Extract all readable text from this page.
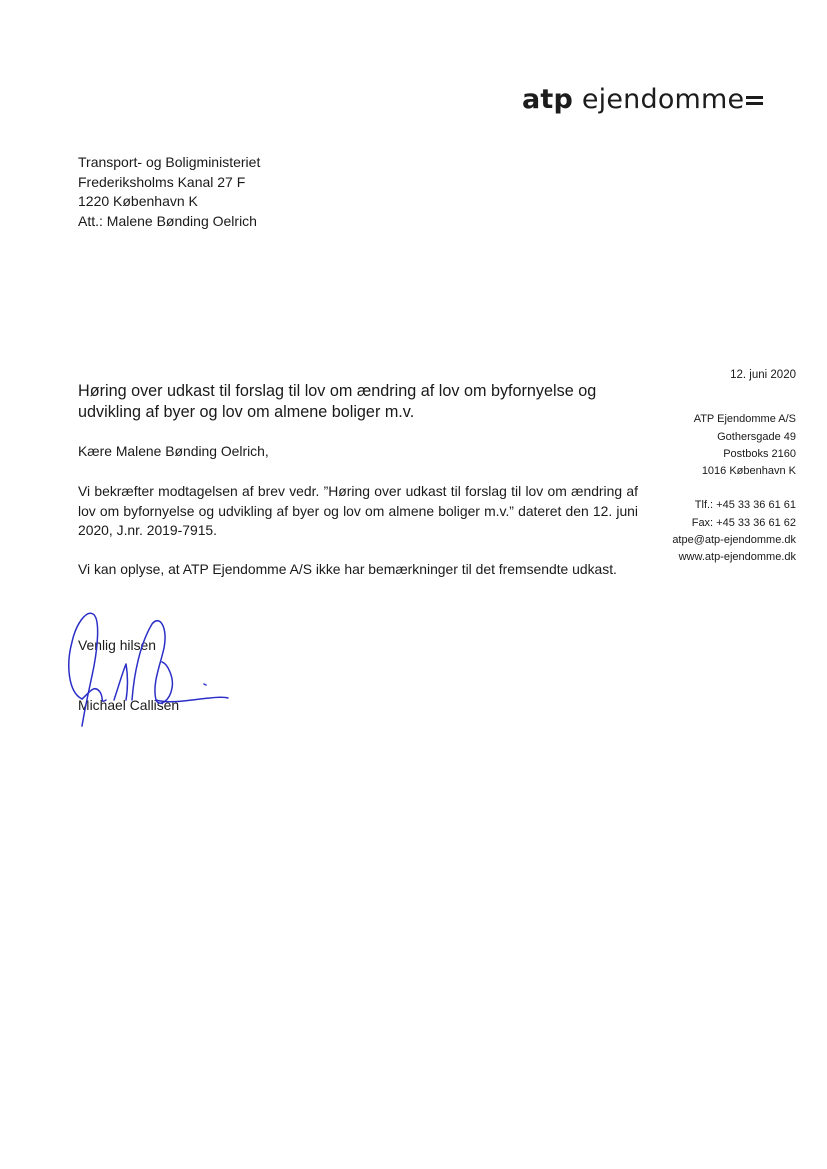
atp ejendomme
Transport- og Boligministeriet
Frederiksholms Kanal 27 F
1220 København K
Att.: Malene Bønding Oelrich
12. juni 2020
ATP Ejendomme A/S
Gothersgade 49
Postboks 2160
1016 København K
Tlf.: +45 33 36 61 61
Fax: +45 33 36 61 62
atpe@atp-ejendomme.dk
www.atp-ejendomme.dk
Høring over udkast til forslag til lov om ændring af lov om byfornyelse og udvikling af byer og lov om almene boliger m.v.
Kære Malene Bønding Oelrich,
Vi bekræfter modtagelsen af brev vedr. ”Høring over udkast til forslag til lov om ændring af lov om byfornyelse og udvikling af byer og lov om almene boliger m.v.” dateret den 12. juni 2020, J.nr. 2019-7915.
Vi kan oplyse, at ATP Ejendomme A/S ikke har bemærkninger til det fremsendte udkast.
Venlig hilsen
Michael Callisen
